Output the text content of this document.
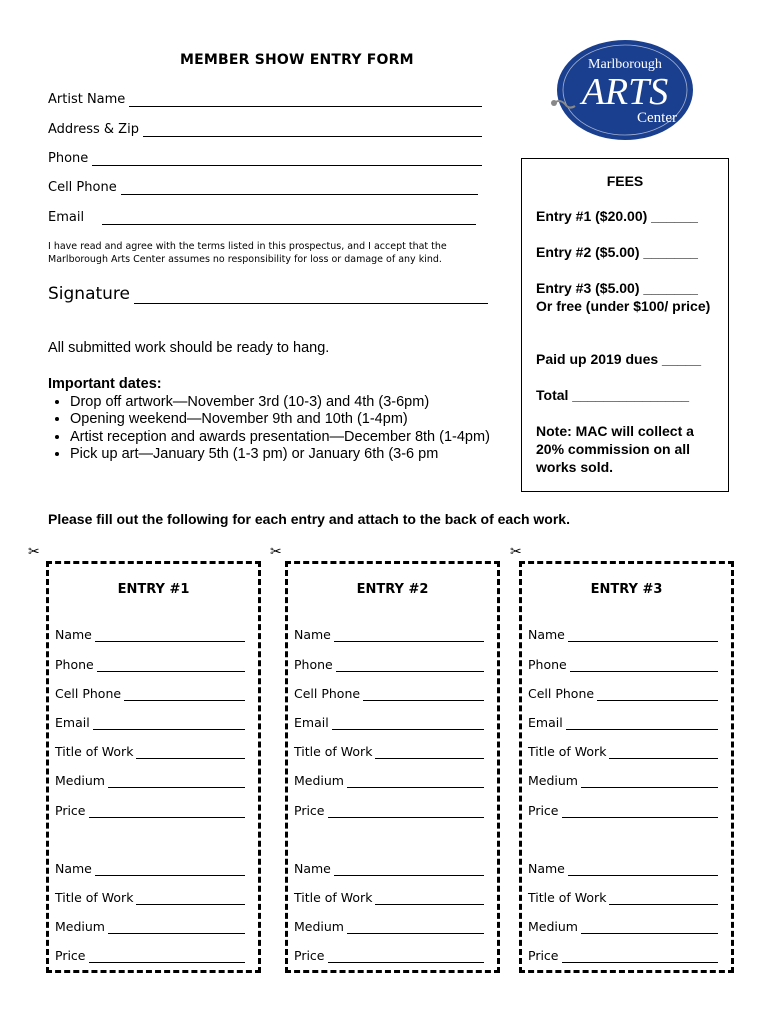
MEMBER SHOW ENTRY FORM	Marlborough
ARTS
Center
Artist Name
Address & Zip
Phone
Cell Phone
Email
I have read and agree with the terms listed in this prospectus, and I accept that the Marlborough Arts Center assumes no responsibility for loss or damage of any kind.
Signature
All submitted work should be ready to hang.
Important dates:
• Drop off artwork—November 3rd (10-3) and 4th (3-6pm)
• Opening weekend—November 9th and 10th (1-4pm)
• Artist reception and awards presentation—December 8th (1-4pm)
• Pick up art—January 5th (1-3 pm) or January 6th (3-6 pm
FEES
Entry #1 ($20.00) ______
Entry #2 ($5.00) _______
Entry #3 ($5.00) _______
Or free (under $100/ price)
Paid up 2019 dues _____
Total _______________
Note: MAC will collect a 20% commission on all works sold.
Please fill out the following for each entry and attach to the back of each work.
✂	✂	✂
ENTRY #1
Name
Phone
Cell Phone
Email
Title of Work
Medium
Price
Name
Title of Work
Medium
Price
ENTRY #2
Name
Phone
Cell Phone
Email
Title of Work
Medium
Price
Name
Title of Work
Medium
Price
ENTRY #3
Name
Phone
Cell Phone
Email
Title of Work
Medium
Price
Name
Title of Work
Medium
Price
